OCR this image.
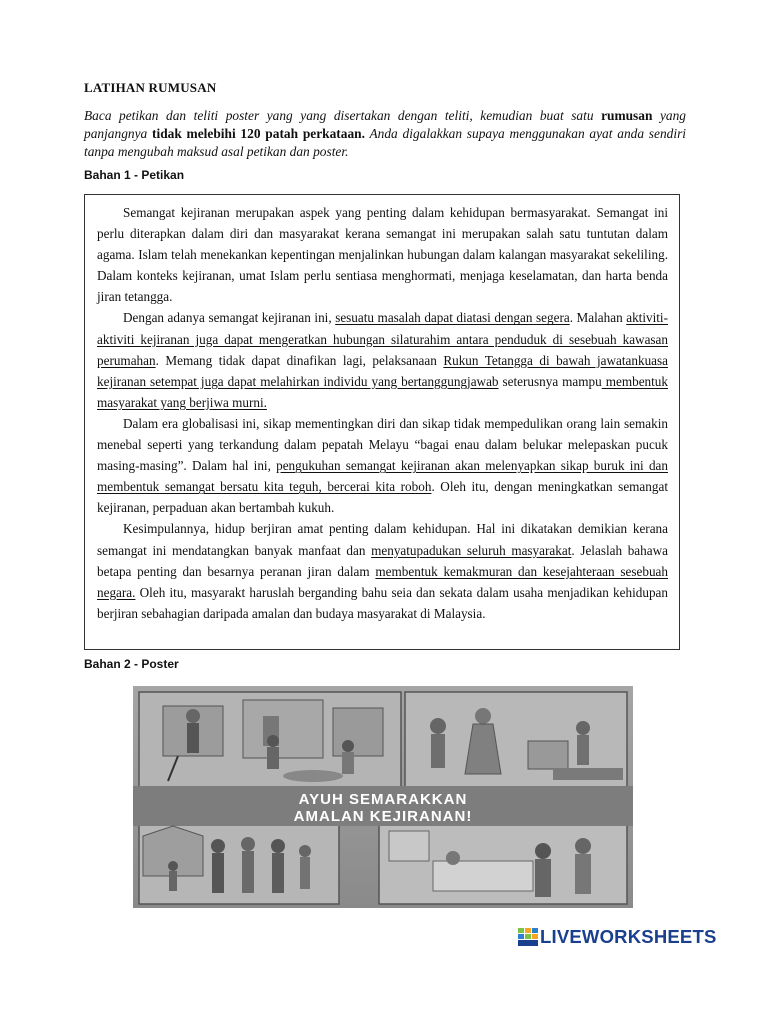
LATIHAN RUMUSAN
Baca petikan dan teliti poster yang yang disertakan dengan teliti, kemudian buat satu rumusan yang panjangnya tidak melebihi 120 patah perkataan. Anda digalakkan supaya menggunakan ayat anda sendiri tanpa mengubah maksud asal petikan dan poster.
Bahan 1 - Petikan

Semangat kejiranan merupakan aspek yang penting dalam kehidupan bermasyarakat. Semangat ini perlu diterapkan dalam diri dan masyarakat kerana semangat ini merupakan salah satu tuntutan dalam agama. Islam telah menekankan kepentingan menjalinkan hubungan dalam kalangan masyarakat sekeliling. Dalam konteks kejiranan, umat Islam perlu sentiasa menghormati, menjaga keselamatan, dan harta benda jiran tetangga.

Dengan adanya semangat kejiranan ini, sesuatu masalah dapat diatasi dengan segera. Malahan aktiviti-aktiviti kejiranan juga dapat mengeratkan hubungan silaturahim antara penduduk di sesebuah kawasan perumahan. Memang tidak dapat dinafikan lagi, pelaksanaan Rukun Tetangga di bawah jawatankuasa kejiranan setempat juga dapat melahirkan individu yang bertanggungjawab seterusnya mampu membentuk masyarakat yang berjiwa murni.

Dalam era globalisasi ini, sikap mementingkan diri dan sikap tidak mempedulikan orang lain semakin menebal seperti yang terkandung dalam pepatah Melayu “bagai enau dalam belukar melepaskan pucuk masing-masing”. Dalam hal ini, pengukuhan semangat kejiranan akan melenyapkan sikap buruk ini dan membentuk semangat bersatu kita teguh, bercerai kita roboh. Oleh itu, dengan meningkatkan semangat kejiranan, perpaduan akan bertambah kukuh.

Kesimpulannya, hidup berjiran amat penting dalam kehidupan. Hal ini dikatakan demikian kerana semangat ini mendatangkan banyak manfaat dan menyatupadukan seluruh masyarakat. Jelaslah bahawa betapa penting dan besarnya peranan jiran dalam membentuk kemakmuran dan kesejahteraan sesebuah negara. Oleh itu, masyarakt haruslah berganding bahu seia dan sekata dalam usaha menjadikan kehidupan berjiran sebahagian daripada amalan dan budaya masyarakat di Malaysia.

Bahan 2 - Poster
AYUH SEMARAKKAN
AMALAN KEJIRANAN!
LIVEWORKSHEETS
